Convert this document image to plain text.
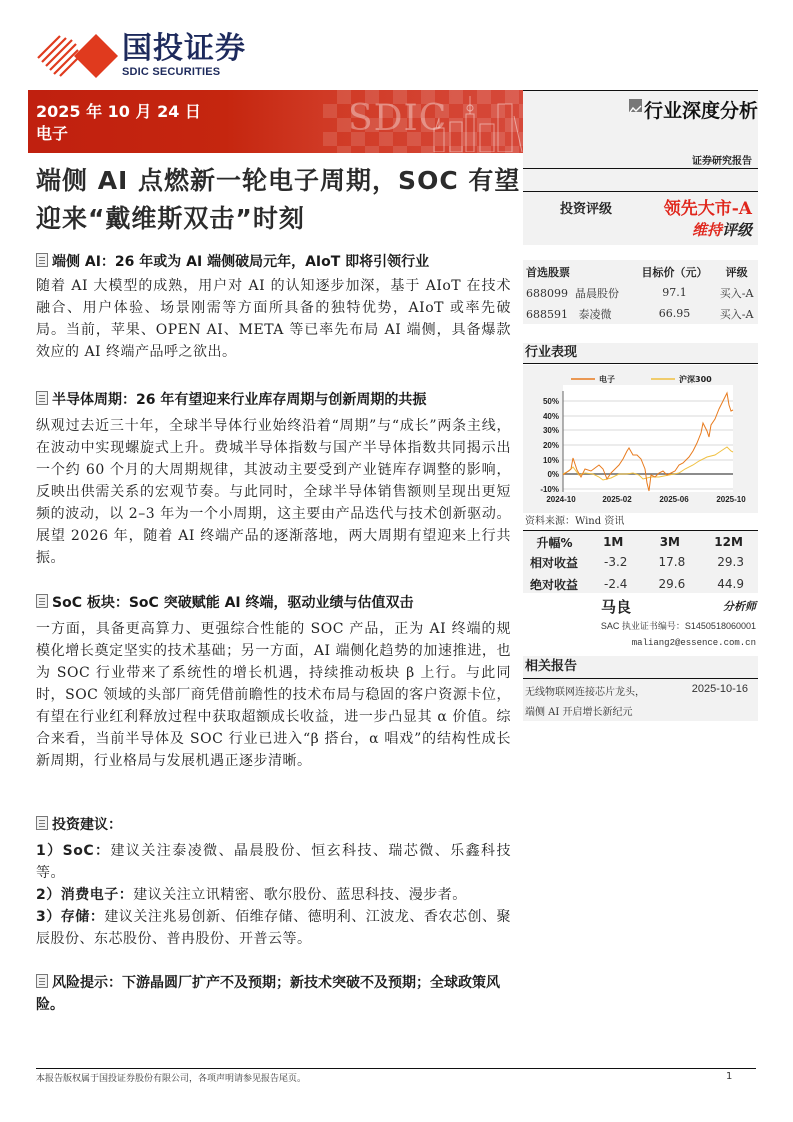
国投证券
SDIC SECURITIES
SDIC
2025 年 10 月 24 日
电子
端侧 AI 点燃新一轮电子周期，SOC 有望迎来“戴维斯双击”时刻
行业深度分析
证券研究报告
投资评级	领先大市-A
维持评级
首选股票	目标价（元）	评级
688099 晶晨股份	97.1	买入-A
688591 泰凌微	66.95	买入-A
行业表现
电子	沪深300
50%
40%
30%
20%
10%
0%
-10%
2024-10	2025-02	2025-06	2025-10
资料来源：Wind 资讯
升幅%	1M	3M	12M
相对收益	-3.2	17.8	29.3
绝对收益	-2.4	29.6	44.9
马良	分析师
SAC 执业证书编号：S1450518060001
maliang2@essence.com.cn
相关报告
无线物联网连接芯片龙头，
端侧 AI 开启增长新纪元
2025-10-16
端侧 AI：26 年或为 AI 端侧破局元年，AIoT 即将引领行业
随着 AI 大模型的成熟，用户对 AI 的认知逐步加深，基于 AIoT 在技术融合、用户体验、场景刚需等方面所具备的独特优势，AIoT 或率先破局。当前，苹果、OPEN AI、META 等已率先布局 AI 端侧，具备爆款效应的 AI 终端产品呼之欲出。
半导体周期：26 年有望迎来行业库存周期与创新周期的共振
纵观过去近三十年，全球半导体行业始终沿着“周期”与“成长”两条主线，在波动中实现螺旋式上升。费城半导体指数与国产半导体指数共同揭示出一个约 60 个月的大周期规律，其波动主要受到产业链库存调整的影响，反映出供需关系的宏观节奏。与此同时，全球半导体销售额则呈现出更短频的波动，以 2–3 年为一个小周期，这主要由产品迭代与技术创新驱动。展望 2026 年，随着 AI 终端产品的逐渐落地，两大周期有望迎来上行共振。
SoC 板块：SoC 突破赋能 AI 终端，驱动业绩与估值双击
一方面，具备更高算力、更强综合性能的 SOC 产品，正为 AI 终端的规模化增长奠定坚实的技术基础；另一方面，AI 端侧化趋势的加速推进，也为 SOC 行业带来了系统性的增长机遇，持续推动板块 β 上行。与此同时，SOC 领域的头部厂商凭借前瞻性的技术布局与稳固的客户资源卡位，有望在行业红利释放过程中获取超额成长收益，进一步凸显其 α 价值。综合来看，当前半导体及 SOC 行业已进入“β 搭台，α 唱戏”的结构性成长新周期，行业格局与发展机遇正逐步清晰。
投资建议：
1）SoC：建议关注泰凌微、晶晨股份、恒玄科技、瑞芯微、乐鑫科技等。
2）消费电子：建议关注立讯精密、歌尔股份、蓝思科技、漫步者。
3）存储：建议关注兆易创新、佰维存储、德明利、江波龙、香农芯创、聚辰股份、东芯股份、普冉股份、开普云等。
风险提示：下游晶圆厂扩产不及预期；新技术突破不及预期；全球政策风险。
本报告版权属于国投证券股份有限公司，各项声明请参见报告尾页。	1
